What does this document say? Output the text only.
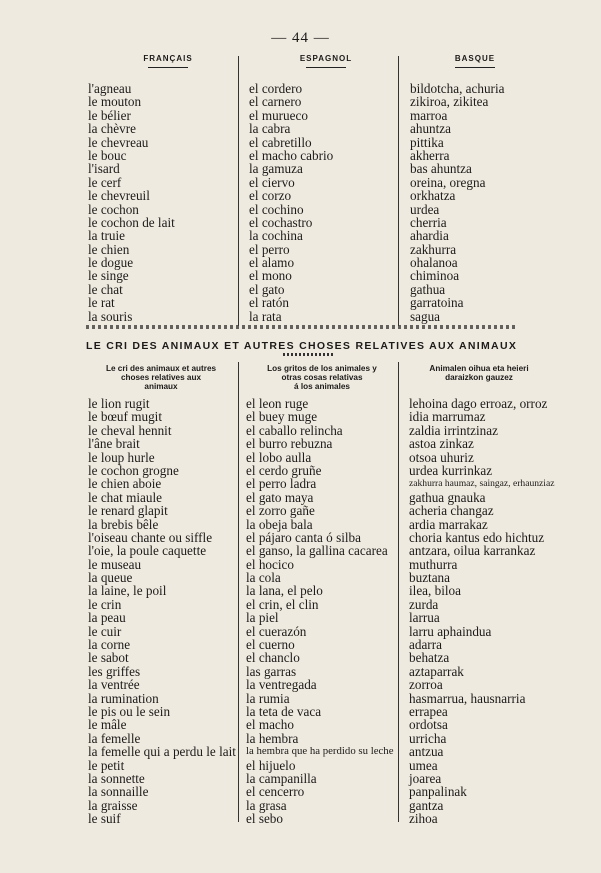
— 44 —
FRANÇAIS	ESPAGNOL	BASQUE
l'agneau
le mouton
le bélier
la chèvre
le chevreau
le bouc
l'isard
le cerf
le chevreuil
le cochon
le cochon de lait
la truie
le chien
le dogue
le singe
le chat
le rat
la souris
el cordero
el carnero
el murueco
la cabra
el cabretillo
el macho cabrio
la gamuza
el ciervo
el corzo
el cochino
el cochastro
la cochina
el perro
el alamo
el mono
el gato
el ratón
la rata
bildotcha, achuria
zikiroa, zikitea
marroa
ahuntza
pittika
akherra
bas ahuntza
oreina, oregna
orkhatza
urdea
cherria
ahardia
zakhurra
ohalanoa
chiminoa
gathua
garratoina
sagua
LE CRI DES ANIMAUX ET AUTRES CHOSES RELATIVES AUX ANIMAUX
Le cri des animaux et autres
choses relatives aux
animaux
Los gritos de los animales y
otras cosas relativas
á los animales
Animalen oihua eta heieri
daraizkon gauzez
le lion rugit
le bœuf mugit
le cheval hennit
l'âne brait
le loup hurle
le cochon grogne
le chien aboie
le chat miaule
le renard glapit
la brebis bêle
l'oiseau chante ou siffle
l'oie, la poule caquette
le museau
la queue
la laine, le poil
le crin
la peau
le cuir
la corne
le sabot
les griffes
la ventrée
la rumination
le pis ou le sein
le mâle
la femelle
la femelle qui a perdu le lait
le petit
la sonnette
la sonnaille
la graisse
le suif
el leon ruge
el buey muge
el caballo relincha
el burro rebuzna
el lobo aulla
el cerdo gruñe
el perro ladra
el gato maya
el zorro gañe
la obeja bala
el pájaro canta ó silba
el ganso, la gallina cacarea
el hocico
la cola
la lana, el pelo
el crin, el clin
la piel
el cuerazón
el cuerno
el chanclo
las garras
la ventregada
la rumia
la teta de vaca
el macho
la hembra
la hembra que ha perdido su leche
el hijuelo
la campanilla
el cencerro
la grasa
el sebo
lehoina dago erroaz, orroz
idia marrumaz
zaldia irrintzinaz
astoa zinkaz
otsoa uhuriz
urdea kurrinkaz
zakhurra haumaz, saingaz, erhaunziaz
gathua gnauka
acheria changaz
ardia marrakaz
choria kantus edo hichtuz
antzara, oilua karrankaz
muthurra
buztana
ilea, biloa
zurda
larrua
larru aphaindua
adarra
behatza
aztaparrak
zorroa
hasmarrua, hausnarria
errapea
ordotsa
urricha
antzua
umea
joarea
panpalinak
gantza
zihoa
